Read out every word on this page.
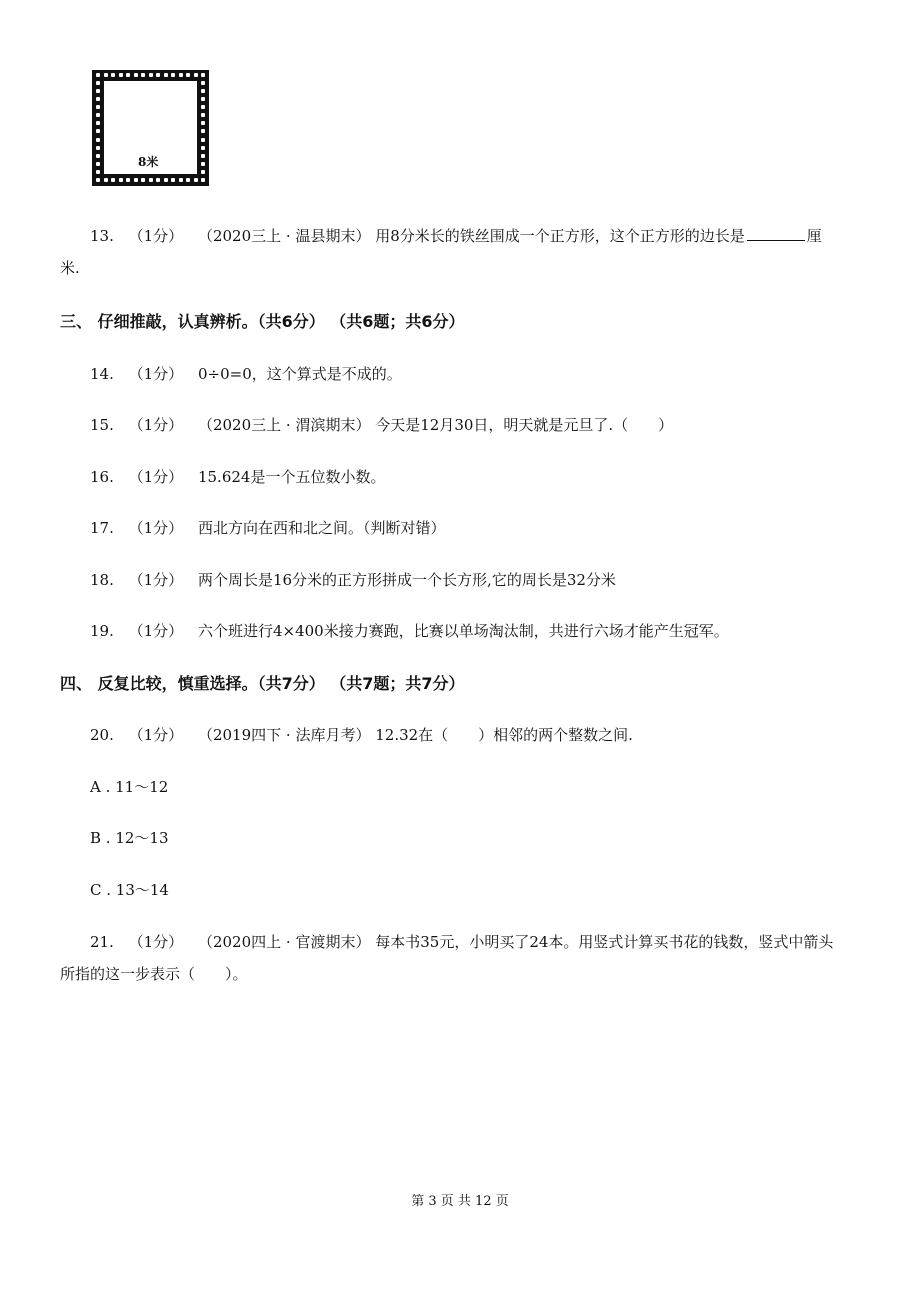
8米
13. （1分） （2020三上 · 温县期末） 用8分米长的铁丝围成一个正方形，这个正方形的边长是	厘
米.
三、 仔细推敲，认真辨析。（共6分） （共6题；共6分）
14. （1分） 0÷0=0，这个算式是不成的。
15. （1分） （2020三上 · 渭滨期末） 今天是12月30日，明天就是元旦了.（　　）
16. （1分） 15.624是一个五位数小数。
17. （1分） 西北方向在西和北之间。（判断对错）
18. （1分） 两个周长是16分米的正方形拼成一个长方形,它的周长是32分米
19. （1分） 六个班进行4×400米接力赛跑，比赛以单场淘汰制，共进行六场才能产生冠军。
四、 反复比较，慎重选择。（共7分） （共7题；共7分）
20. （1分） （2019四下 · 法库月考） 12.32在（　　）相邻的两个整数之间.
A . 11～12
B . 12～13
C . 13～14
21. （1分） （2020四上 · 官渡期末） 每本书35元，小明买了24本。用竖式计算买书花的钱数，竖式中箭头
所指的这一步表示（　　）。
第 3 页 共 12 页
